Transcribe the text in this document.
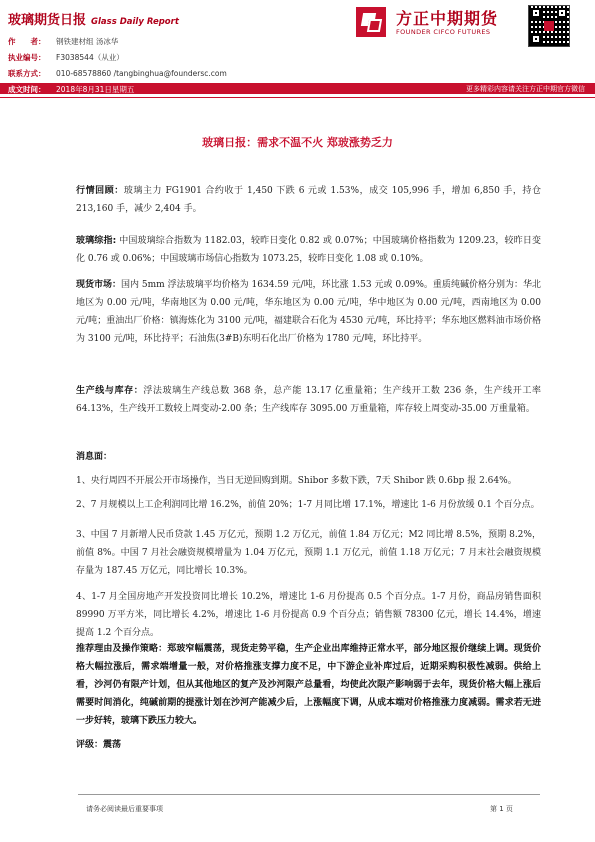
玻璃期货日报 Glass Daily Report	方正中期期货
FOUNDER CIFCO FUTURES
作　　者： 钢铁建材组 汤冰华
执业编号： F3038544（从业）
联系方式： 010-68578860 /tangbinghua@foundersc.com
成文时间： 2018年8月31日星期五	更多精彩内容请关注方正中期官方微信
玻璃日报：需求不温不火 郑玻涨势乏力
行情回顾：玻璃主力 FG1901 合约收于 1,450 下跌 6 元或 1.53%，成交 105,996 手，增加 6,850 手，持仓 213,160 手，减少 2,404 手。
玻璃综指: 中国玻璃综合指数为 1182.03，较昨日变化 0.82 或 0.07%；中国玻璃价格指数为 1209.23，较昨日变化 0.76 或 0.06%；中国玻璃市场信心指数为 1073.25，较昨日变化 1.08 或 0.10%。
现货市场：国内 5mm 浮法玻璃平均价格为 1634.59 元/吨，环比涨 1.53 元或 0.09%。重质纯碱价格分别为：华北地区为 0.00 元/吨，华南地区为 0.00 元/吨，华东地区为 0.00 元/吨，华中地区为 0.00 元/吨，西南地区为 0.00 元/吨；重油出厂价格：镇海炼化为 3100 元/吨，福建联合石化为 4530 元/吨，环比持平；华东地区燃料油市场价格为 3100 元/吨，环比持平；石油焦(3#B)东明石化出厂价格为 1780 元/吨，环比持平。
生产线与库存：浮法玻璃生产线总数 368 条，总产能 13.17 亿重量箱；生产线开工数 236 条，生产线开工率 64.13%，生产线开工数较上周变动-2.00 条；生产线库存 3095.00 万重量箱，库存较上周变动-35.00 万重量箱。
消息面：
1、央行周四不开展公开市场操作，当日无逆回购到期。Shibor 多数下跌，7天 Shibor 跌 0.6bp 报 2.64%。
2、7 月规模以上工企利润同比增 16.2%，前值 20%；1-7 月同比增 17.1%，增速比 1-6 月份放缓 0.1 个百分点。
3、中国 7 月新增人民币贷款 1.45 万亿元，预期 1.2 万亿元，前值 1.84 万亿元；M2 同比增 8.5%，预期 8.2%，前值 8%。中国 7 月社会融资规模增量为 1.04 万亿元，预期 1.1 万亿元，前值 1.18 万亿元；7 月末社会融资规模存量为 187.45 万亿元，同比增长 10.3%。
4、1-7 月全国房地产开发投资同比增长 10.2%，增速比 1-6 月份提高 0.5 个百分点。1-7 月份，商品房销售面积 89990 万平方米，同比增长 4.2%，增速比 1-6 月份提高 0.9 个百分点；销售额 78300 亿元，增长 14.4%，增速提高 1.2 个百分点。
推荐理由及操作策略：郑玻窄幅震荡，现货走势平稳，生产企业出库维持正常水平，部分地区报价继续上调。现货价格大幅拉涨后，需求端增量一般，对价格推涨支撑力度不足，中下游企业补库过后，近期采购积极性减弱。供给上看，沙河仍有限产计划，但从其他地区的复产及沙河限产总量看，均使此次限产影响弱于去年，现货价格大幅上涨后需要时间消化，纯碱前期的提涨计划在沙河产能减少后，上涨幅度下调，从成本端对价格推涨力度减弱。需求若无进一步好转，玻璃下跌压力较大。
评级：震荡
请务必阅读最后重要事项	第 1 页
